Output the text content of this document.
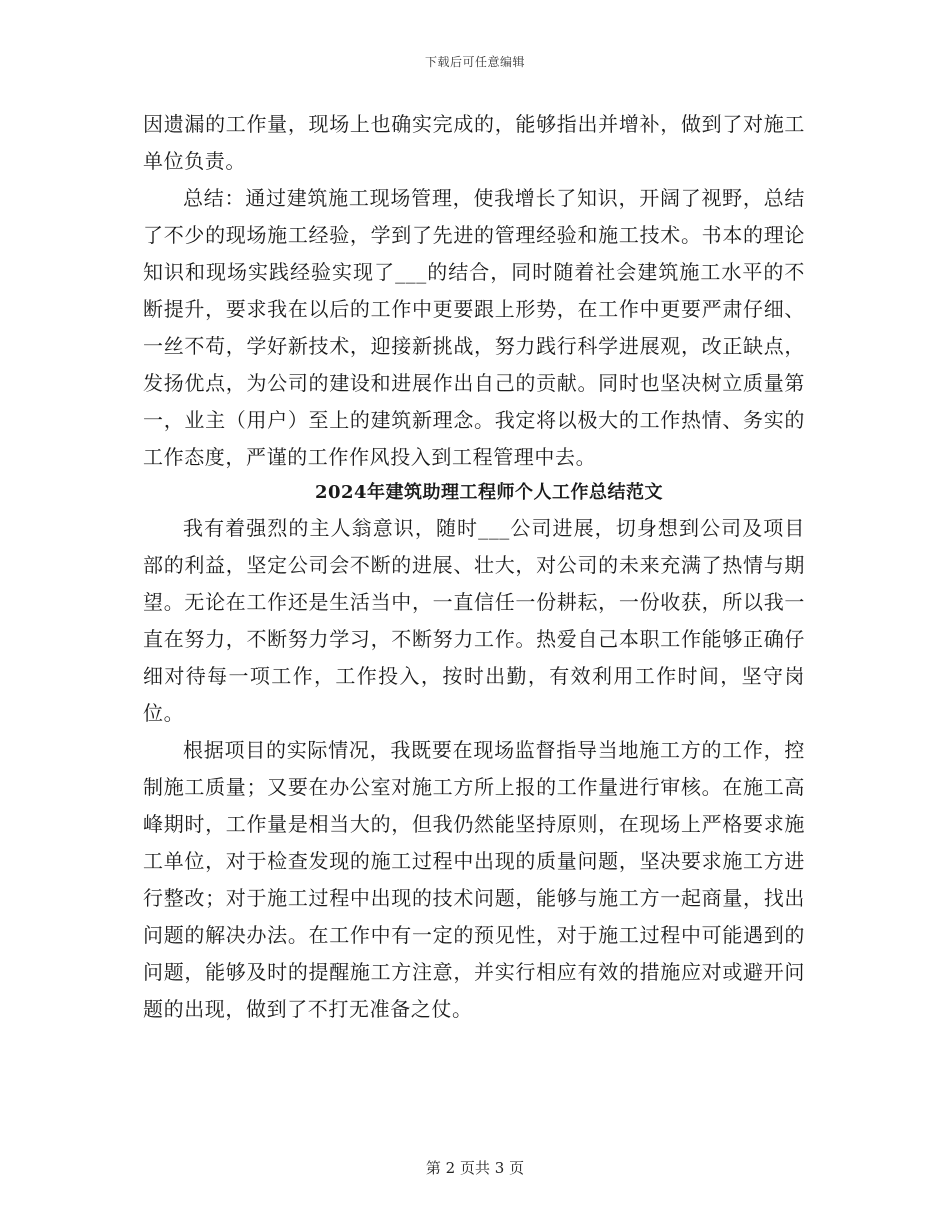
下载后可任意编辑

因遗漏的工作量，现场上也确实完成的，能够指出并增补，做到了对施工单位负责。

总结：通过建筑施工现场管理，使我增长了知识，开阔了视野，总结了不少的现场施工经验，学到了先进的管理经验和施工技术。书本的理论知识和现场实践经验实现了___的结合，同时随着社会建筑施工水平的不断提升，要求我在以后的工作中更要跟上形势，在工作中更要严肃仔细、一丝不苟，学好新技术，迎接新挑战，努力践行科学进展观，改正缺点，发扬优点，为公司的建设和进展作出自己的贡献。同时也坚决树立质量第一，业主（用户）至上的建筑新理念。我定将以极大的工作热情、务实的工作态度，严谨的工作作风投入到工程管理中去。

2024年建筑助理工程师个人工作总结范文

我有着强烈的主人翁意识，随时___公司进展，切身想到公司及项目部的利益，坚定公司会不断的进展、壮大，对公司的未来充满了热情与期望。无论在工作还是生活当中，一直信任一份耕耘，一份收获，所以我一直在努力，不断努力学习，不断努力工作。热爱自己本职工作能够正确仔细对待每一项工作，工作投入，按时出勤，有效利用工作时间，坚守岗位。

根据项目的实际情况，我既要在现场监督指导当地施工方的工作，控制施工质量；又要在办公室对施工方所上报的工作量进行审核。在施工高峰期时，工作量是相当大的，但我仍然能坚持原则，在现场上严格要求施工单位，对于检查发现的施工过程中出现的质量问题，坚决要求施工方进行整改；对于施工过程中出现的技术问题，能够与施工方一起商量，找出问题的解决办法。在工作中有一定的预见性，对于施工过程中可能遇到的问题，能够及时的提醒施工方注意，并实行相应有效的措施应对或避开问题的出现，做到了不打无准备之仗。

第 2 页共 3 页
